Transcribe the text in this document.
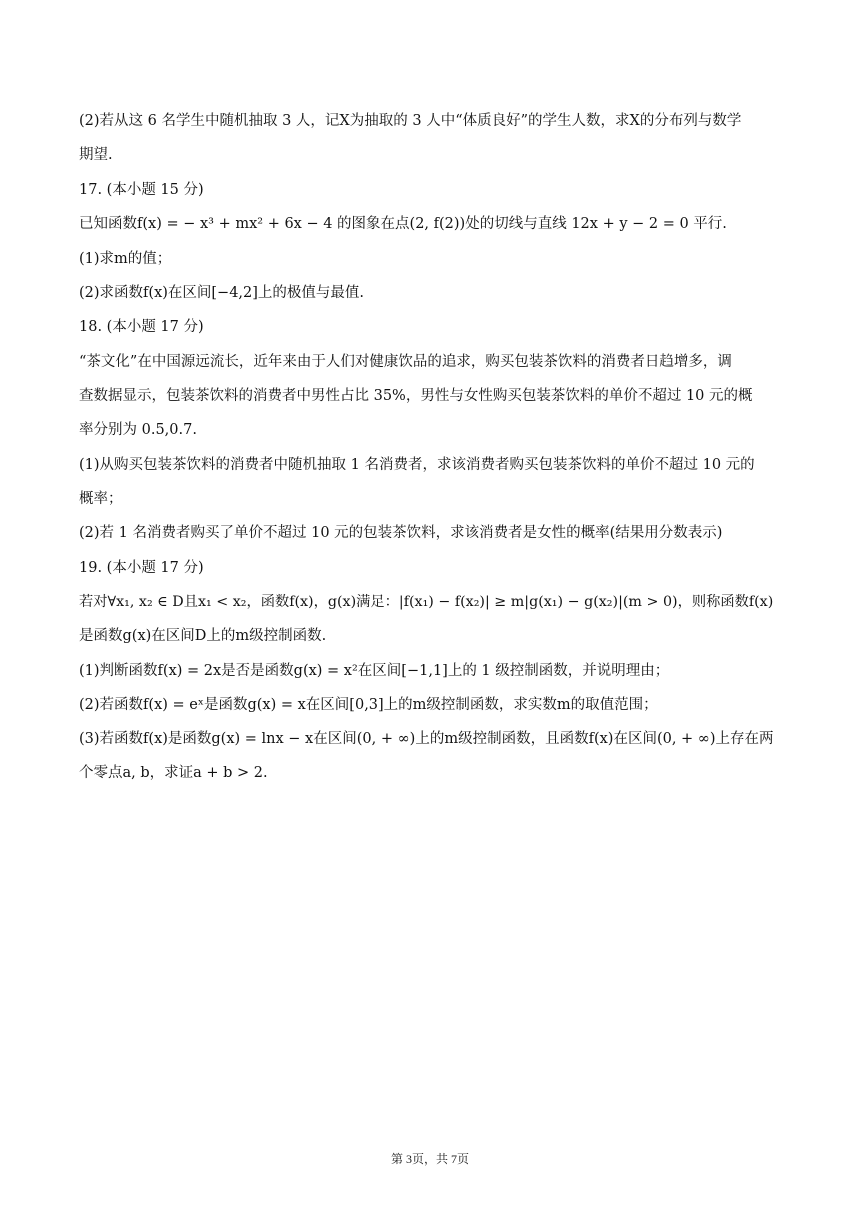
(2)若从这 6 名学生中随机抽取 3 人，记X为抽取的 3 人中“体质良好”的学生人数，求X的分布列与数学
期望.
17. (本小题 15 分)
已知函数f(x) = − x³ + mx² + 6x − 4 的图象在点(2, f(2))处的切线与直线 12x + y − 2 = 0 平行.
(1)求m的值；
(2)求函数f(x)在区间[−4,2]上的极值与最值.
18. (本小题 17 分)
“茶文化”在中国源远流长，近年来由于人们对健康饮品的追求，购买包装茶饮料的消费者日趋增多，调
查数据显示，包装茶饮料的消费者中男性占比 35%，男性与女性购买包装茶饮料的单价不超过 10 元的概
率分别为 0.5,0.7.
(1)从购买包装茶饮料的消费者中随机抽取 1 名消费者，求该消费者购买包装茶饮料的单价不超过 10 元的
概率；
(2)若 1 名消费者购买了单价不超过 10 元的包装茶饮料，求该消费者是女性的概率(结果用分数表示)
19. (本小题 17 分)
若对∀x₁, x₂ ∈ D且x₁ < x₂，函数f(x)，g(x)满足：|f(x₁) − f(x₂)| ≥ m|g(x₁) − g(x₂)|(m > 0)，则称函数f(x)
是函数g(x)在区间D上的m级控制函数.
(1)判断函数f(x) = 2x是否是函数g(x) = x²在区间[−1,1]上的 1 级控制函数，并说明理由；
(2)若函数f(x) = eˣ是函数g(x) = x在区间[0,3]上的m级控制函数，求实数m的取值范围；
(3)若函数f(x)是函数g(x) = lnx − x在区间(0, + ∞)上的m级控制函数，且函数f(x)在区间(0, + ∞)上存在两
个零点a, b，求证a + b > 2.
第 3页，共 7页
